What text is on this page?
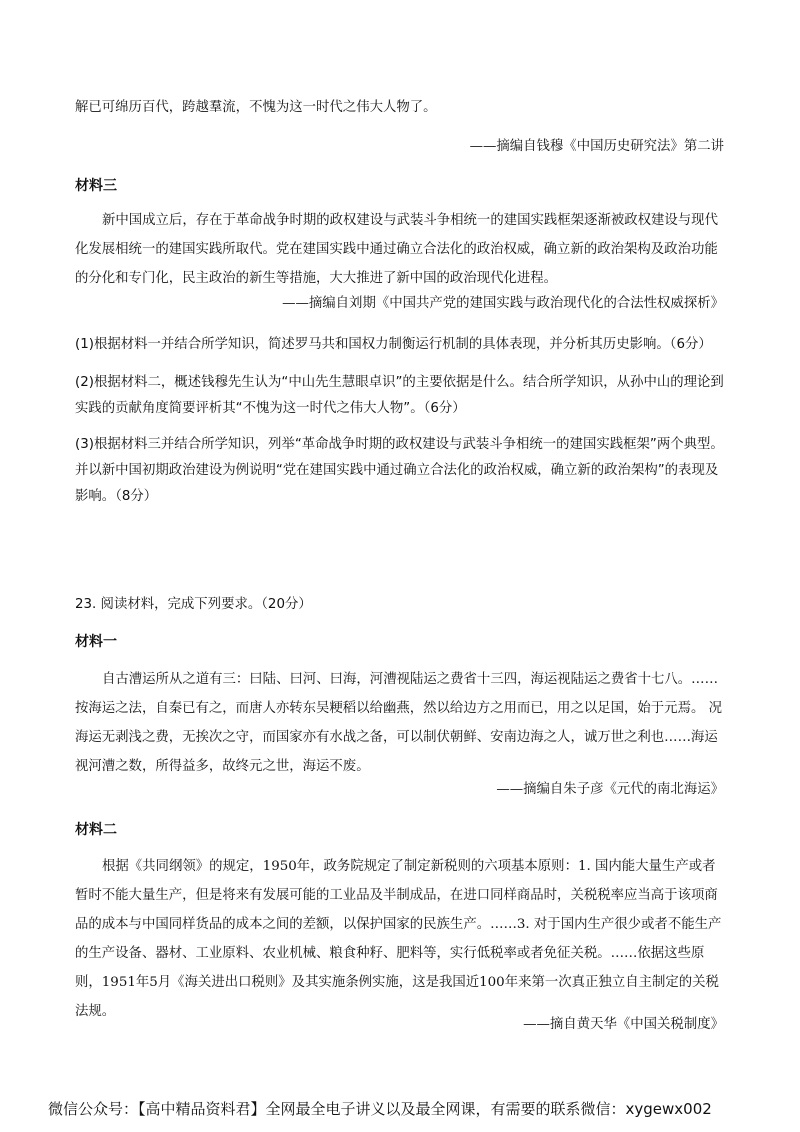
解已可绵历百代，跨越羣流，不愧为这一时代之伟大人物了。
——摘编自钱穆《中国历史研究法》第二讲
材料三
新中国成立后，存在于革命战争时期的政权建设与武装斗争相统一的建国实践框架逐渐被政权建设与现代化发展相统一的建国实践所取代。党在建国实践中通过确立合法化的政治权威，确立新的政治架构及政治功能的分化和专门化，民主政治的新生等措施，大大推进了新中国的政治现代化进程。
——摘编自刘期《中国共产党的建国实践与政治现代化的合法性权威探析》
(1)根据材料一并结合所学知识，简述罗马共和国权力制衡运行机制的具体表现，并分析其历史影响。（6分）
(2)根据材料二，概述钱穆先生认为“中山先生慧眼卓识”的主要依据是什么。结合所学知识，从孙中山的理论到实践的贡献角度简要评析其“不愧为这一时代之伟大人物”。（6分）
(3)根据材料三并结合所学知识，列举“革命战争时期的政权建设与武装斗争相统一的建国实践框架”两个典型。并以新中国初期政治建设为例说明“党在建国实践中通过确立合法化的政治权威，确立新的政治架构”的表现及影响。（8分）
23. 阅读材料，完成下列要求。（20分）
材料一
自古漕运所从之道有三：曰陆、曰河、曰海，河漕视陆运之费省十三四，海运视陆运之费省十七八。……按海运之法，自秦已有之，而唐人亦转东吴粳稻以给幽燕，然以给边方之用而已，用之以足国，始于元焉。 况海运无剥浅之费，无挨次之守，而国家亦有水战之备，可以制伏朝鲜、安南边海之人，诚万世之利也……海运视河漕之数，所得益多，故终元之世，海运不废。
——摘编自朱子彦《元代的南北海运》
材料二
根据《共同纲领》的规定，1950年，政务院规定了制定新税则的六项基本原则：1. 国内能大量生产或者暂时不能大量生产，但是将来有发展可能的工业品及半制成品，在进口同样商品时，关税税率应当高于该项商品的成本与中国同样货品的成本之间的差额，以保护国家的民族生产。……3. 对于国内生产很少或者不能生产的生产设备、器材、工业原料、农业机械、粮食种籽、肥料等，实行低税率或者免征关税。……依据这些原则，1951年5月《海关进出口税则》及其实施条例实施，这是我国近100年来第一次真正独立自主制定的关税法规。
——摘自黄天华《中国关税制度》
微信公众号：【高中精品资料君】全网最全电子讲义以及最全网课，有需要的联系微信：xygewx002
